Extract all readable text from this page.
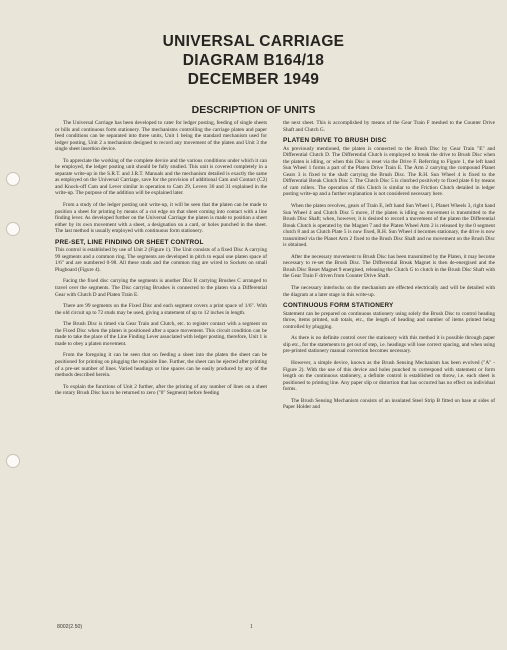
UNIVERSAL CARRIAGE
DIAGRAM B164/18
DECEMBER 1949
DESCRIPTION OF UNITS

The Universal Carriage has been developed to cater for ledger posting, feeding of single sheets or bills and continuous form stationery. The mechanisms controlling the carriage platen and paper feed conditions can be separated into three units, Unit 1 being the standard mechanism used for ledger posting, Unit 2 a mechanism designed to record any movement of the platen and Unit 3 the single sheet insertion device.

To appreciate the working of the complete device and the various conditions under which it can be employed, the ledger posting unit should be fully studied. This unit is covered completely in a separate write-up in the S.R.T. and J.R.T. Manuals and the mechanism detailed is exactly the same as employed on the Universal Carriage, save for the provision of additional Cam and Contact (C2) and Knock-off Cam and Lever similar in operation to Cam 29, Levers 30 and 31 explained in the write-up. The purpose of the addition will be explained later.

From a study of the ledger posting unit write-up, it will be seen that the platen can be made to position a sheet for printing by means of a cut edge on that sheet coming into contact with a line finding lever. As developed further on the Universal Carriage the platen is made to position a sheet either by its own movement with a sheet, a designation on a card, or holes punched in the sheet. The last method is usually employed with continuous form stationery.

PRE-SET, LINE FINDING OR SHEET CONTROL

This control is established by use of Unit 2 (Figure 1). The Unit consists of a fixed Disc A carrying 99 segments and a common ring. The segments are developed in pitch to equal one platen space of 1/6" and are numbered 0-98. All these studs and the common ring are wired to Sockets on small Plugboard (Figure 4).

Facing the fixed disc carrying the segments is another Disc B carrying Brushes C arranged to travel over the segments. The Disc carrying Brushes is connected to the platen via a Differential Gear with Clutch D and Platen Train E.

There are 99 segments on the Fixed Disc and each segment covers a print space of 1/6". With the old circuit up to 72 studs may be used, giving a statement of up to 12 inches in length.

The Brush Disc is timed via Gear Train and Clutch, etc. to register contact with a segment on the Fixed Disc when the platen is positioned after a space movement. This circuit condition can be made to take the place of the Line Finding Lever associated with ledger posting, therefore, Unit 1 is made to obey a platen movement.

From the foregoing it can be seen that on feeding a sheet into the platen the sheet can be positioned for printing on plugging the requisite line. Further, the sheet can be ejected after printing of a pre-set number of lines. Varied headings or line spaces can be easily produced by any of the methods described herein.

To explain the functions of Unit 2 further, after the printing of any number of lines on a sheet the rotary Brush Disc has to be returned to zero ("0" Segment) before feeding

the next sheet. This is accomplished by means of the Gear Train F meshed to the Counter Drive Shaft and Clutch G.

PLATEN DRIVE TO BRUSH DISC

As previously mentioned, the platen is connected to the Brush Disc by Gear Train "E" and Differential Clutch D. The Differential Clutch is employed to break the drive to Brush Disc when the platen is idling, or when this Disc is reset via the Drive F. Referring to Figure 1, the left hand Sun Wheel 1 forms a part of the Platen Drive Train E. The Arm 2 carrying the compound Planet Gears 3 is fixed to the shaft carrying the Brush Disc. The R.H. Sun Wheel 4 is fixed to the Differential Break Clutch Disc 5. The Clutch Disc 5 is clutched positively to fixed plate 6 by means of cam rollers. The operation of this Clutch is similar to the Friction Clutch detailed in ledger posting write-up and a further explanation is not considered necessary here.

When the platen revolves, gears of Train E, left hand Sun Wheel 1, Planet Wheels 3, right hand Sun Wheel 4 and Clutch Disc 5 move, if the platen is idling no movement is transmitted to the Brush Disc Shaft; when, however, it is desired to record a movement of the platen the Differential Break Clutch is operated by the Magnet 7 and the Platen Wheel Arm 2 is released by the 0 segment clutch 8 and as Clutch Plate 5 is now fixed, R.H. Sun Wheel 4 becomes stationary, the drive is now transmitted via the Planet Arm 2 fixed to the Brush Disc Shaft and no movement on the Brush Disc is obtained.

After the necessary movement to Brush Disc has been transmitted by the Platen, it may become necessary to re-set the Brush Disc. The Differential Break Magnet is then de-energised and the Brush Disc Reset Magnet 9 energised, releasing the Clutch G to clutch in the Brush Disc Shaft with the Gear Train F driven from Counter Drive Shaft.

The necessary interlocks on the mechanism are effected electrically and will be detailed with the diagram at a later stage in this write-up.

CONTINUOUS FORM STATIONERY

Statement can be prepared on continuous stationery using solely the Brush Disc to control heading throw, items printed, sub totals, etc., the length of heading and number of items printed being controlled by plugging.

As there is no definite control over the stationery with this method it is possible through paper slip etc., for the statements to get out of step, i.e. headings will lose correct spacing, and when using pre-printed stationery manual correction becomes necessary.

However, a simple device, known as the Brush Sensing Mechanism has been evolved ("A" - Figure 2). With the use of this device and holes punched to correspond with statement or form length on the continuous stationery, a definite control is established on throw, i.e. each sheet is positioned to printing line. Any paper slip or distortion that has occurred has no effect on individual forms.

The Brush Sensing Mechanism consists of an insulated Steel Strip B fitted on base at sides of Paper Holder and

8002(2.50)	1
